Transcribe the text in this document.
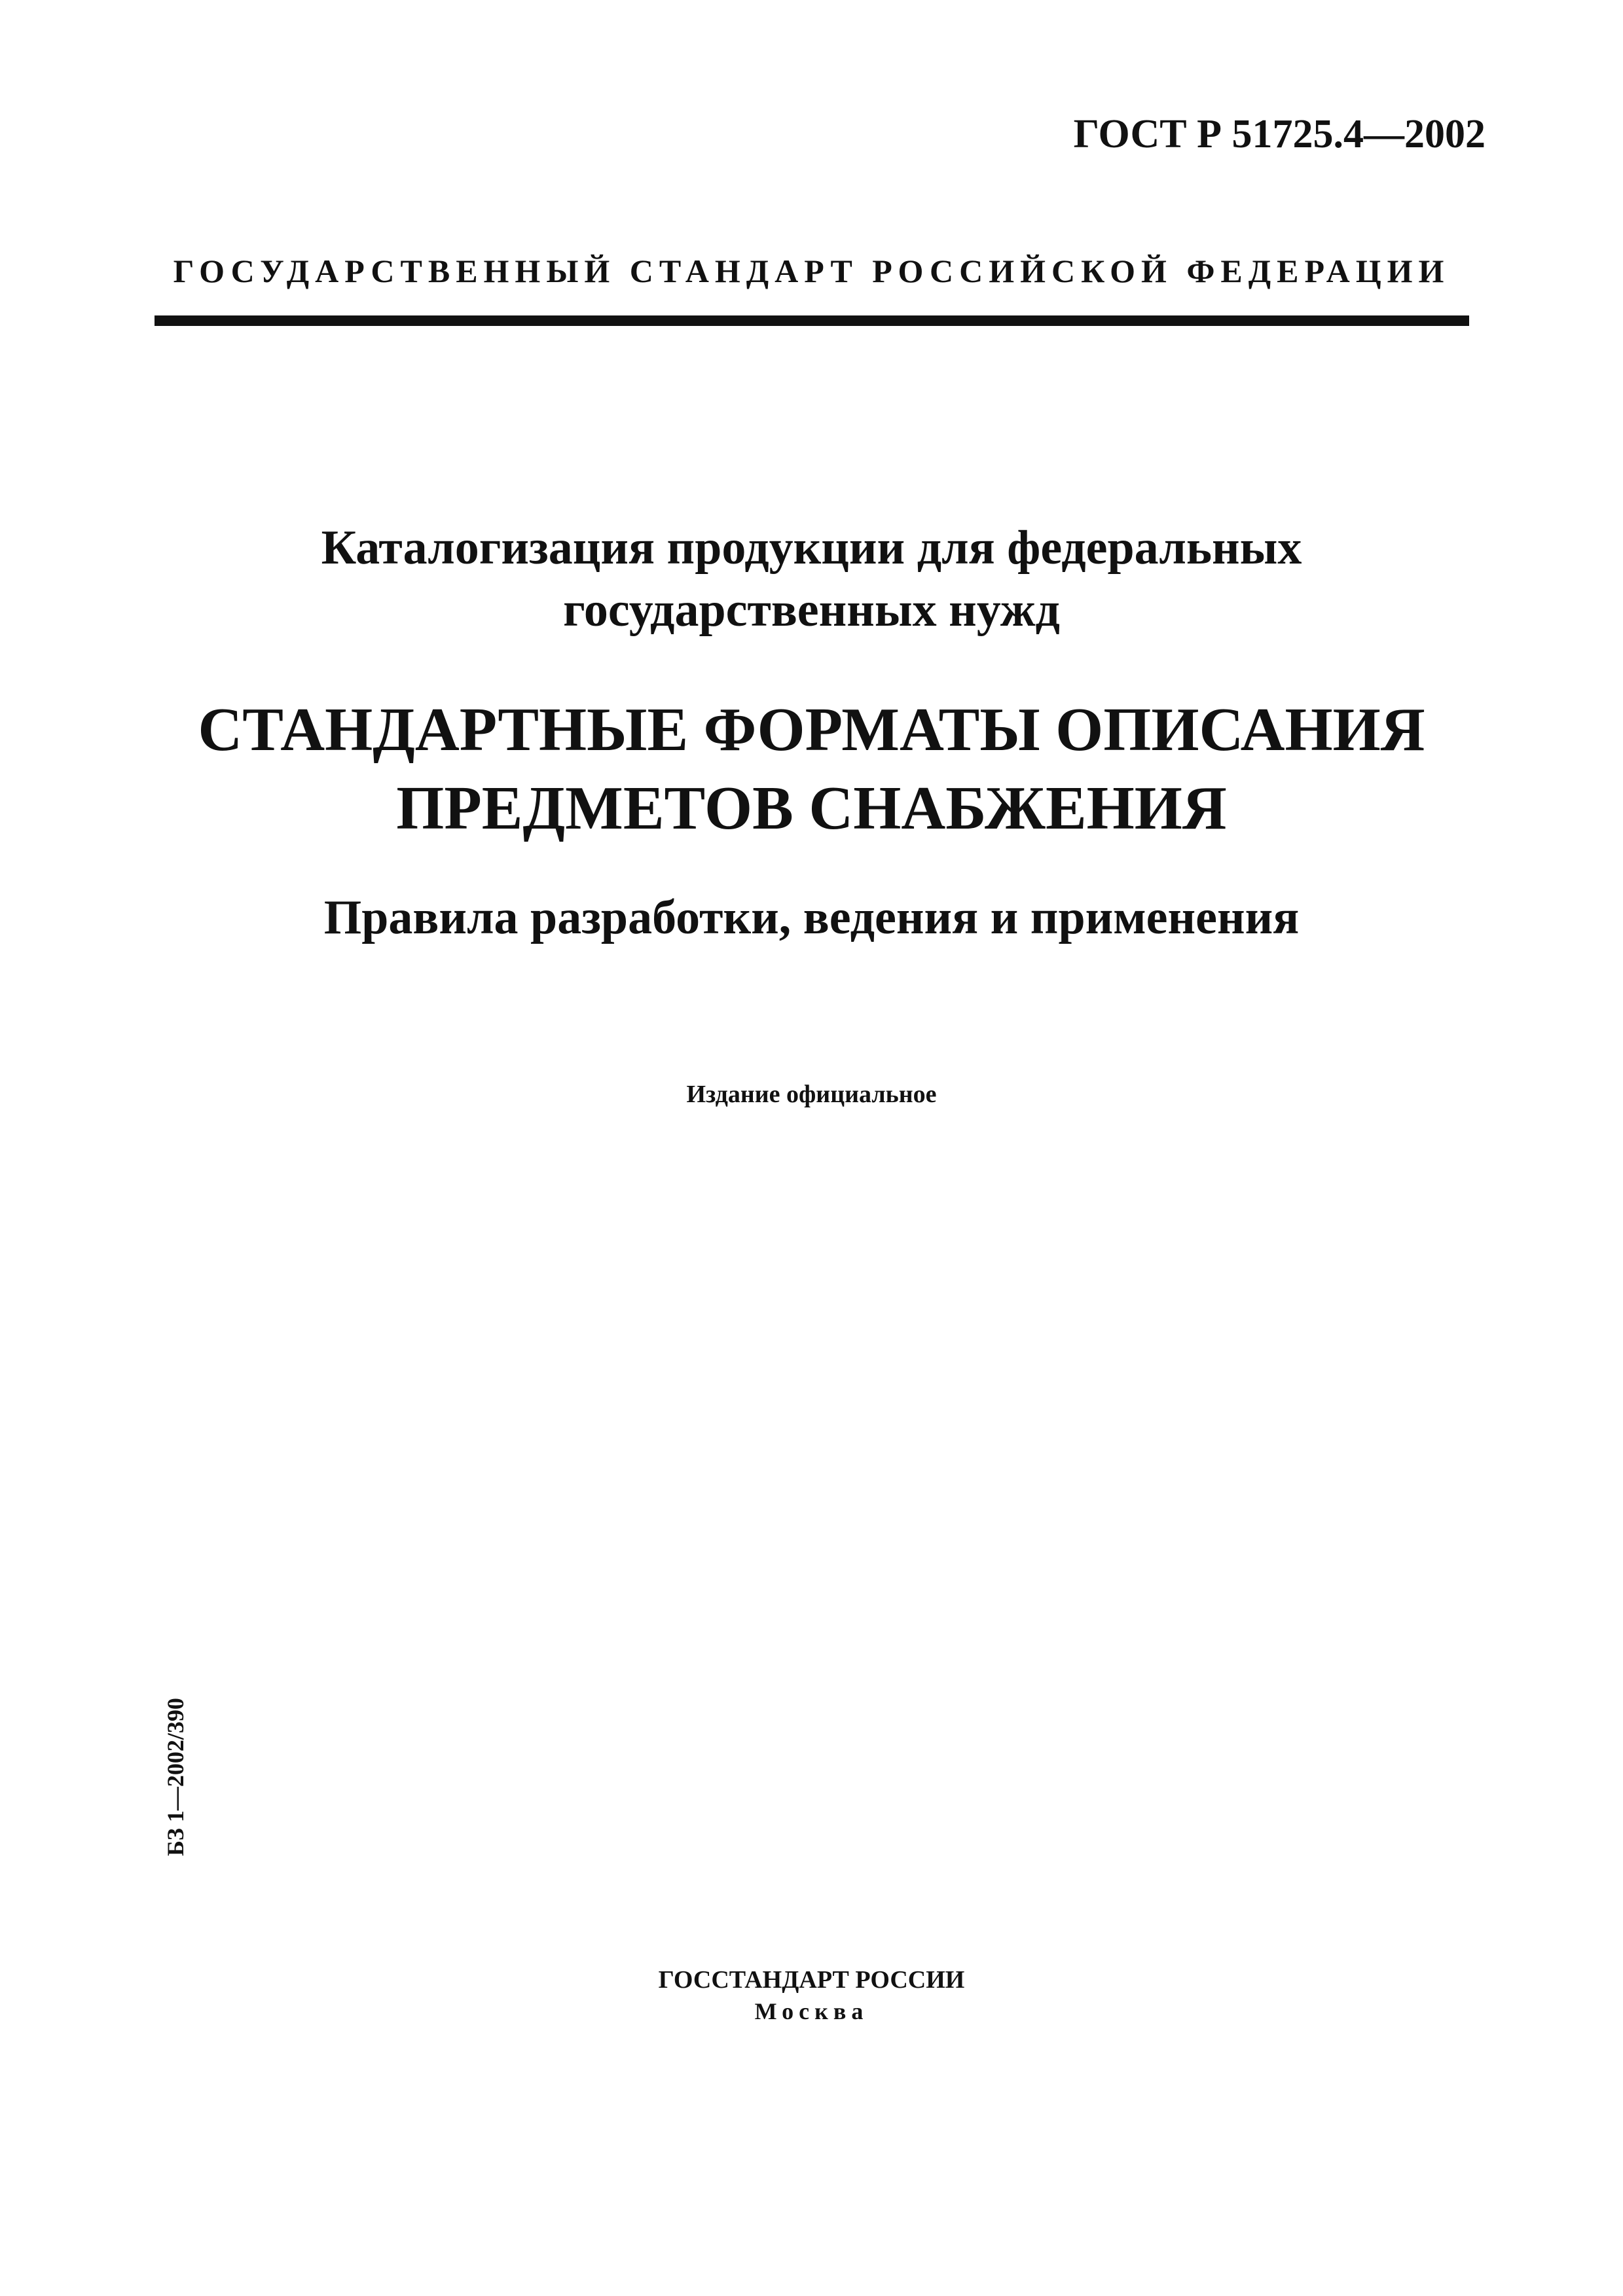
ГОСТ Р 51725.4—2002
ГОСУДАРСТВЕННЫЙ СТАНДАРТ РОССИЙСКОЙ ФЕДЕРАЦИИ
Каталогизация продукции для федеральных
государственных нужд
СТАНДАРТНЫЕ ФОРМАТЫ ОПИСАНИЯ
ПРЕДМЕТОВ СНАБЖЕНИЯ
Правила разработки, ведения и применения
Издание официальное
БЗ 1—2002/390
ГОССТАНДАРТ РОССИИ
Москва
